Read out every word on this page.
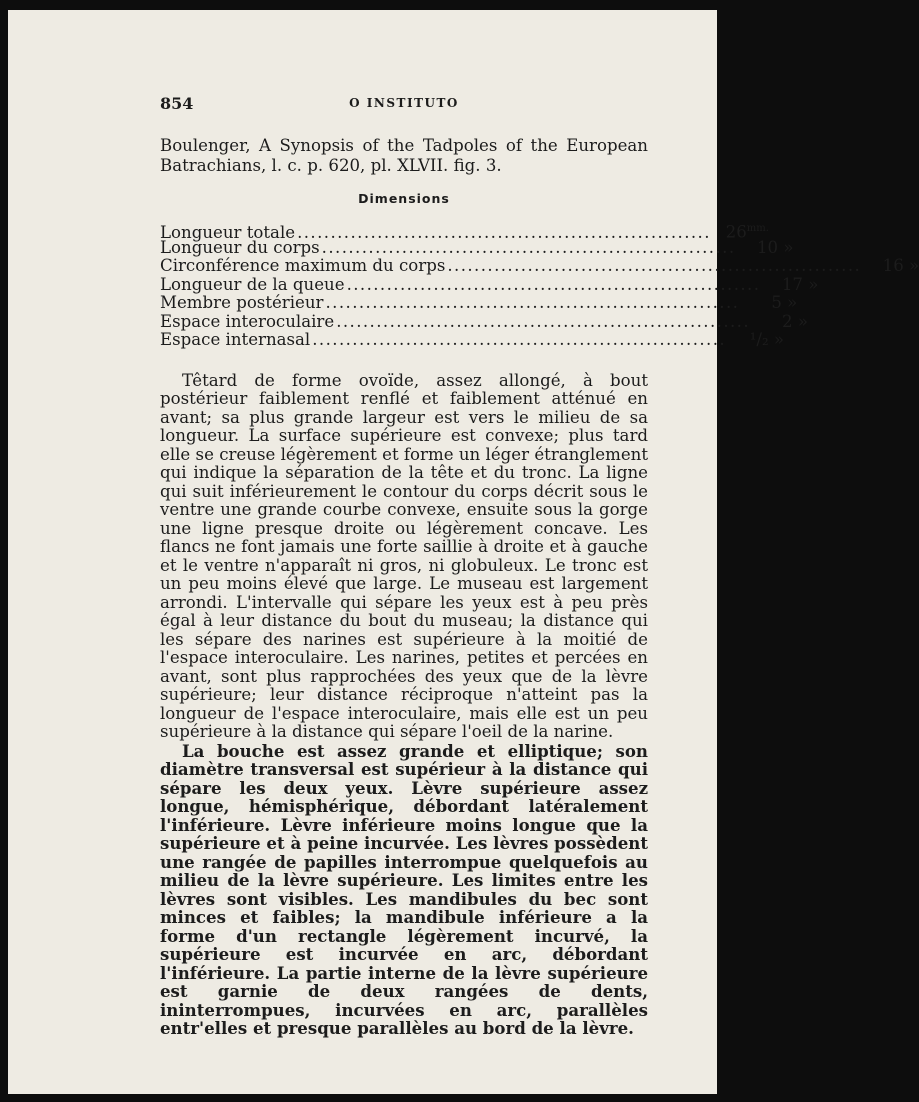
854	O INSTITUTO
Boulenger, A Synopsis of the Tadpoles of the European Batrachians, l. c. p. 620, pl. XLVII. fig. 3.
Dimensions
Longueur totale .............................................................. $26^{mm.}$
Longueur du corps ..............................................................	10 »
Circonférence maximum du corps ..............................................................	16 »
Longueur de la queue ..............................................................	17 »
Membre postérieur ..............................................................	5 »
Espace interoculaire ..............................................................	2 »
Espace internasal ..............................................................	¹/₂ »

Têtard de forme ovoïde, assez allongé, à bout postérieur faiblement renflé et faiblement atténué en avant; sa plus grande largeur est vers le milieu de sa longueur. La surface supérieure est convexe; plus tard elle se creuse légèrement et forme un léger étranglement qui indique la séparation de la tête et du tronc. La ligne qui suit inférieurement le contour du corps décrit sous le ventre une grande courbe convexe, ensuite sous la gorge une ligne presque droite ou légèrement concave. Les flancs ne font jamais une forte saillie à droite et à gauche et le ventre n'apparaît ni gros, ni globuleux. Le tronc est un peu moins élevé que large. Le museau est largement arrondi. L'intervalle qui sépare les yeux est à peu près égal à leur distance du bout du museau; la distance qui les sépare des narines est supérieure à la moitié de l'espace interoculaire. Les narines, petites et percées en avant, sont plus rapprochées des yeux que de la lèvre supérieure; leur distance réciproque n'atteint pas la longueur de l'espace interoculaire, mais elle est un peu supérieure à la distance qui sépare l'oeil de la narine.

La bouche est assez grande et elliptique; son diamètre transversal est supérieur à la distance qui sépare les deux yeux. Lèvre supérieure assez longue, hémisphérique, débordant latéralement l'inférieure. Lèvre inférieure moins longue que la supérieure et à peine incurvée. Les lèvres possèdent une rangée de papilles interrompue quelquefois au milieu de la lèvre supérieure. Les limites entre les lèvres sont visibles. Les mandibules du bec sont minces et faibles; la mandibule inférieure a la forme d'un rectangle légèrement incurvé, la supérieure est incurvée en arc, débordant l'inférieure. La partie interne de la lèvre supérieure est garnie de deux rangées de dents, ininterrompues, incurvées en arc, parallèles entr'elles et presque parallèles au bord de la lèvre.
